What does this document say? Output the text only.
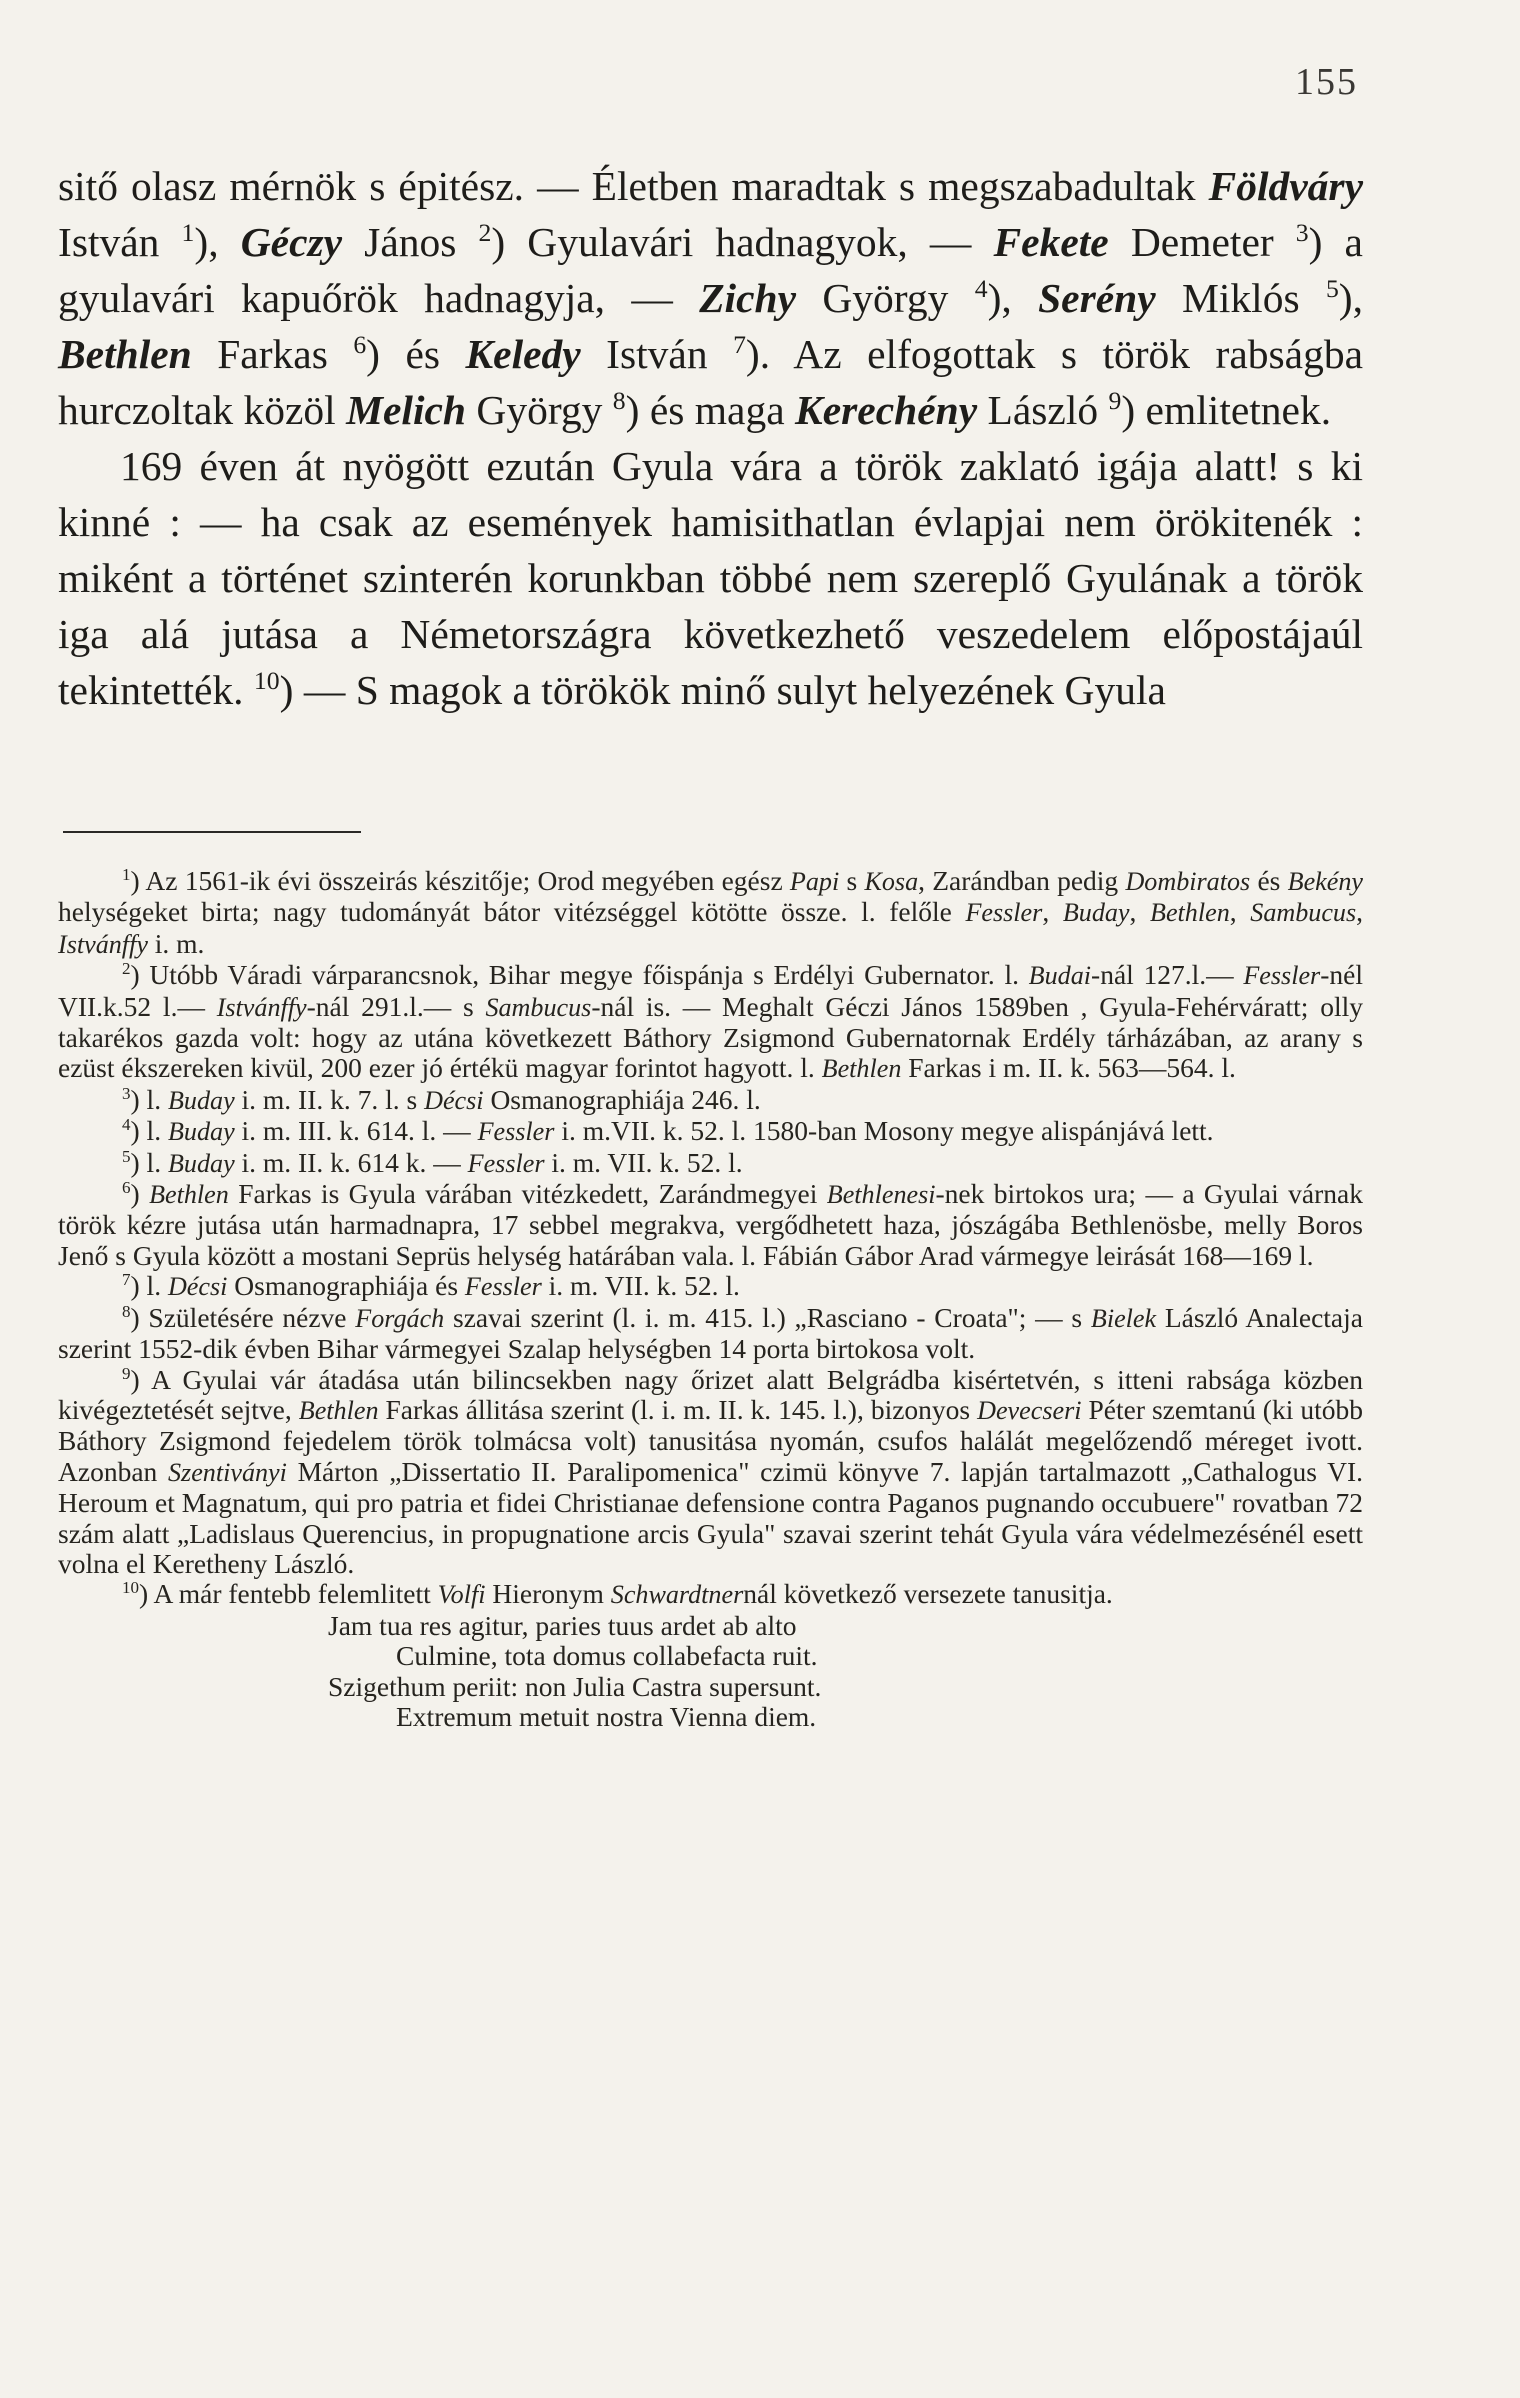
155

sitő olasz mérnök s épitész. — Életben maradtak s megszabadultak Földváry István $^1$), Géczy János $^2$) Gyulavári hadnagyok, — Fekete Demeter $^3$) a gyulavári kapuőrök hadnagyja, — Zichy György $^4$), Serény Miklós $^5$), Bethlen Farkas $^6$) és Keledy István $^7$). Az elfogottak s török rabságba hurczoltak közöl Melich György $^8$) és maga Kerechény László $^9$) emlitetnek.

169 éven át nyögött ezután Gyula vára a török zaklató igája alatt! s ki kinné : — ha csak az események hamisithatlan évlapjai nem örökitenék : miként a történet szinterén korunkban többé nem szereplő Gyulának a török iga alá jutása a Németországra következhető veszedelem előpostájaúl tekintették. $^{10}$) — S magok a törökök minő sulyt helyezének Gyula

$^1$) Az 1561-ik évi összeirás készitője; Orod megyében egész Papi s Kosa, Zarándban pedig Dombiratos és Bekény helységeket birta; nagy tudományát bátor vitézséggel kötötte össze. l. felőle Fessler, Buday, Bethlen, Sambucus, Istvánffy i. m.

$^2$) Utóbb Váradi várparancsnok, Bihar megye főispánja s Erdélyi Gubernator. l. Budai-nál 127.l.— Fessler-nél VII.k.52 l.— Istvánffy-nál 291.l.— s Sambucus-nál is. — Meghalt Géczi János 1589ben , Gyula-Fehérváratt; olly takarékos gazda volt: hogy az utána következett Báthory Zsigmond Gubernatornak Erdély tárházában, az arany s ezüst ékszereken kivül, 200 ezer jó értékü magyar forintot hagyott. l. Bethlen Farkas i m. II. k. 563—564. l.

$^3$) l. Buday i. m. II. k. 7. l. s Décsi Osmanographiája 246. l.

$^4$) l. Buday i. m. III. k. 614. l. — Fessler i. m.VII. k. 52. l. 1580-ban Mosony megye alispánjává lett.

$^5$) l. Buday i. m. II. k. 614 k. — Fessler i. m. VII. k. 52. l.

$^6$) Bethlen Farkas is Gyula várában vitézkedett, Zarándmegyei Bethlenesi-nek birtokos ura; — a Gyulai várnak török kézre jutása után harmadnapra, 17 sebbel megrakva, vergődhetett haza, jószágába Bethlenösbe, melly Boros Jenő s Gyula között a mostani Seprüs helység határában vala. l. Fábián Gábor Arad vármegye leirását 168—169 l.

$^7$) l. Décsi Osmanographiája és Fessler i. m. VII. k. 52. l.

$^8$) Születésére nézve Forgách szavai szerint (l. i. m. 415. l.) „Rasciano - Croata"; — s Bielek László Analectaja szerint 1552-dik évben Bihar vármegyei Szalap helységben 14 porta birtokosa volt.

$^9$) A Gyulai vár átadása után bilincsekben nagy őrizet alatt Belgrádba kisértetvén, s itteni rabsága közben kivégeztetését sejtve, Bethlen Farkas állitása szerint (l. i. m. II. k. 145. l.), bizonyos Devecseri Péter szemtanú (ki utóbb Báthory Zsigmond fejedelem török tolmácsa volt) tanusitása nyomán, csufos halálát megelőzendő méreget ivott. Azonban Szentiványi Márton „Dissertatio II. Paralipomenica" czimü könyve 7. lapján tartalmazott „Cathalogus VI. Heroum et Magnatum, qui pro patria et fidei Christianae defensione contra Paganos pugnando occubuere" rovatban 72 szám alatt „Ladislaus Querencius, in propugnatione arcis Gyula" szavai szerint tehát Gyula vára védelmezésénél esett volna el Keretheny László.

$^{10}$) A már fentebb felemlitett Volfi Hieronym Schwardtnernál következő versezete tanusitja.

Jam tua res agitur, paries tuus ardet ab alto
Culmine, tota domus collabefacta ruit.
Szigethum periit: non Julia Castra supersunt.
Extremum metuit nostra Vienna diem.
